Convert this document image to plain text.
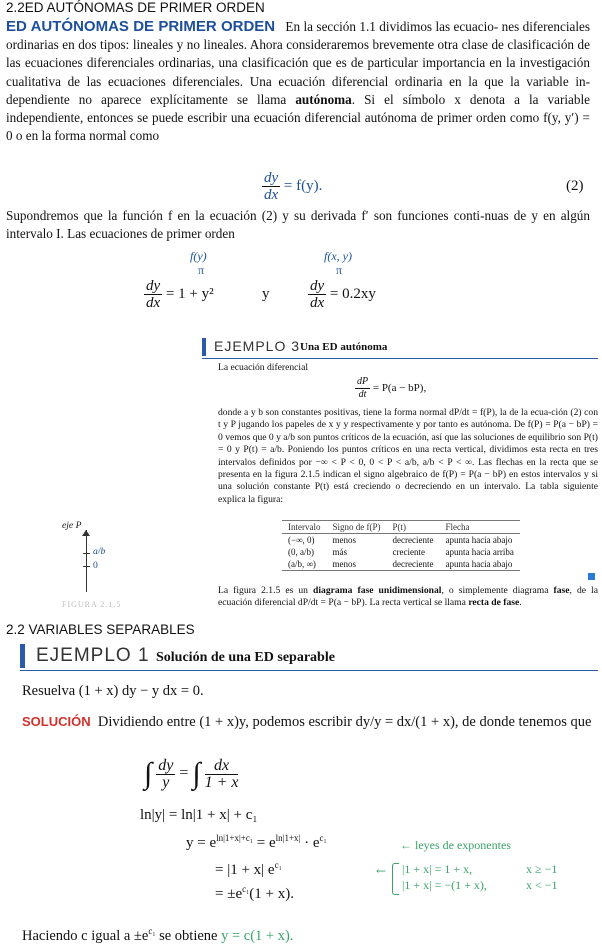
2.2ED AUTÓNOMAS DE PRIMER ORDEN
ED AUTÓNOMAS DE PRIMER ORDEN En la sección 1.1 dividimos las ecuacio- nes diferenciales ordinarias en dos tipos: lineales y no lineales. Ahora consideraremos brevemente otra clase de clasificación de las ecuaciones diferenciales ordinarias, una clasificación que es de particular importancia en la investigación cualitativa de las ecuaciones diferenciales. Una ecuación diferencial ordinaria en la que la variable in-dependiente no aparece explícitamente se llama autónoma. Si el símbolo x denota a la variable independiente, entonces se puede escribir una ecuación diferencial autónoma de primer orden como f(y, y′) = 0 o en la forma normal como
$\frac{dy}{dx} = f(y)$.	(2)
Supondremos que la función f en la ecuación (2) y su derivada f′ son funciones conti-nuas de y en algún intervalo I. Las ecuaciones de primer orden
f(y)	f(x, y)
π	π
$\frac{dy}{dx} = 1 + y^2$	y	$\frac{dy}{dx} = 0.2xy$
EJEMPLO 3 Una ED autónoma
La ecuación diferencial
$\frac{dP}{dt} = P(a - bP)$,
donde a y b son constantes positivas, tiene la forma normal dP/dt = f(P), la de la ecua-ción (2) con t y P jugando los papeles de x y y respectivamente y por tanto es autónoma. De f(P) = P(a − bP) = 0 vemos que 0 y a/b son puntos críticos de la ecuación, así que las soluciones de equilibrio son P(t) = 0 y P(t) = a/b. Poniendo los puntos críticos en una recta vertical, dividimos esta recta en tres intervalos definidos por −∞ < P < 0, 0 < P < a/b, a/b < P < ∞. Las flechas en la recta que se presenta en la figura 2.1.5 indican el signo algebraico de f(P) = P(a − bP) en estos intervalos y si una solución constante P(t) está creciendo o decreciendo en un intervalo. La tabla siguiente explica la figura:
eje P
a/b
0
Intervalo	Signo de f(P)	P(t)	Flecha
(−∞, 0)	menos	decreciente	apunta hacia abajo
(0, a/b)	más	creciente	apunta hacia arriba
(a/b, ∞)	menos	decreciente	apunta hacia abajo
La figura 2.1.5 es un diagrama fase unidimensional, o simplemente diagrama fase, de la ecuación diferencial dP/dt = P(a − bP). La recta vertical se llama recta de fase.
FIGURA 2.1.5
2.2 VARIABLES SEPARABLES
EJEMPLO 1 Solución de una ED separable
Resuelva (1 + x) dy − y dx = 0.
SOLUCIÓN Dividiendo entre (1 + x)y, podemos escribir dy/y = dx/(1 + x), de donde tenemos que
∫ $\frac{dy}{y}$ = ∫ $\frac{dx}{1 + x}$
ln|y| = ln|1 + x| + c₁
$y = e^{ln|1+x|+c_1} = e^{ln|1+x|} \cdot e^{c_1}$	← leyes de exponentes
= |1 + x| $e^{c_1}$	← |1 + x| = 1 + x,	x ≥ −1
|1 + x| = −(1 + x),	x < −1
= $\pm e^{c_1}(1 + x)$.
Haciendo c igual $a \pm e^{c_1}$ se obtiene y = c(1 + x).
